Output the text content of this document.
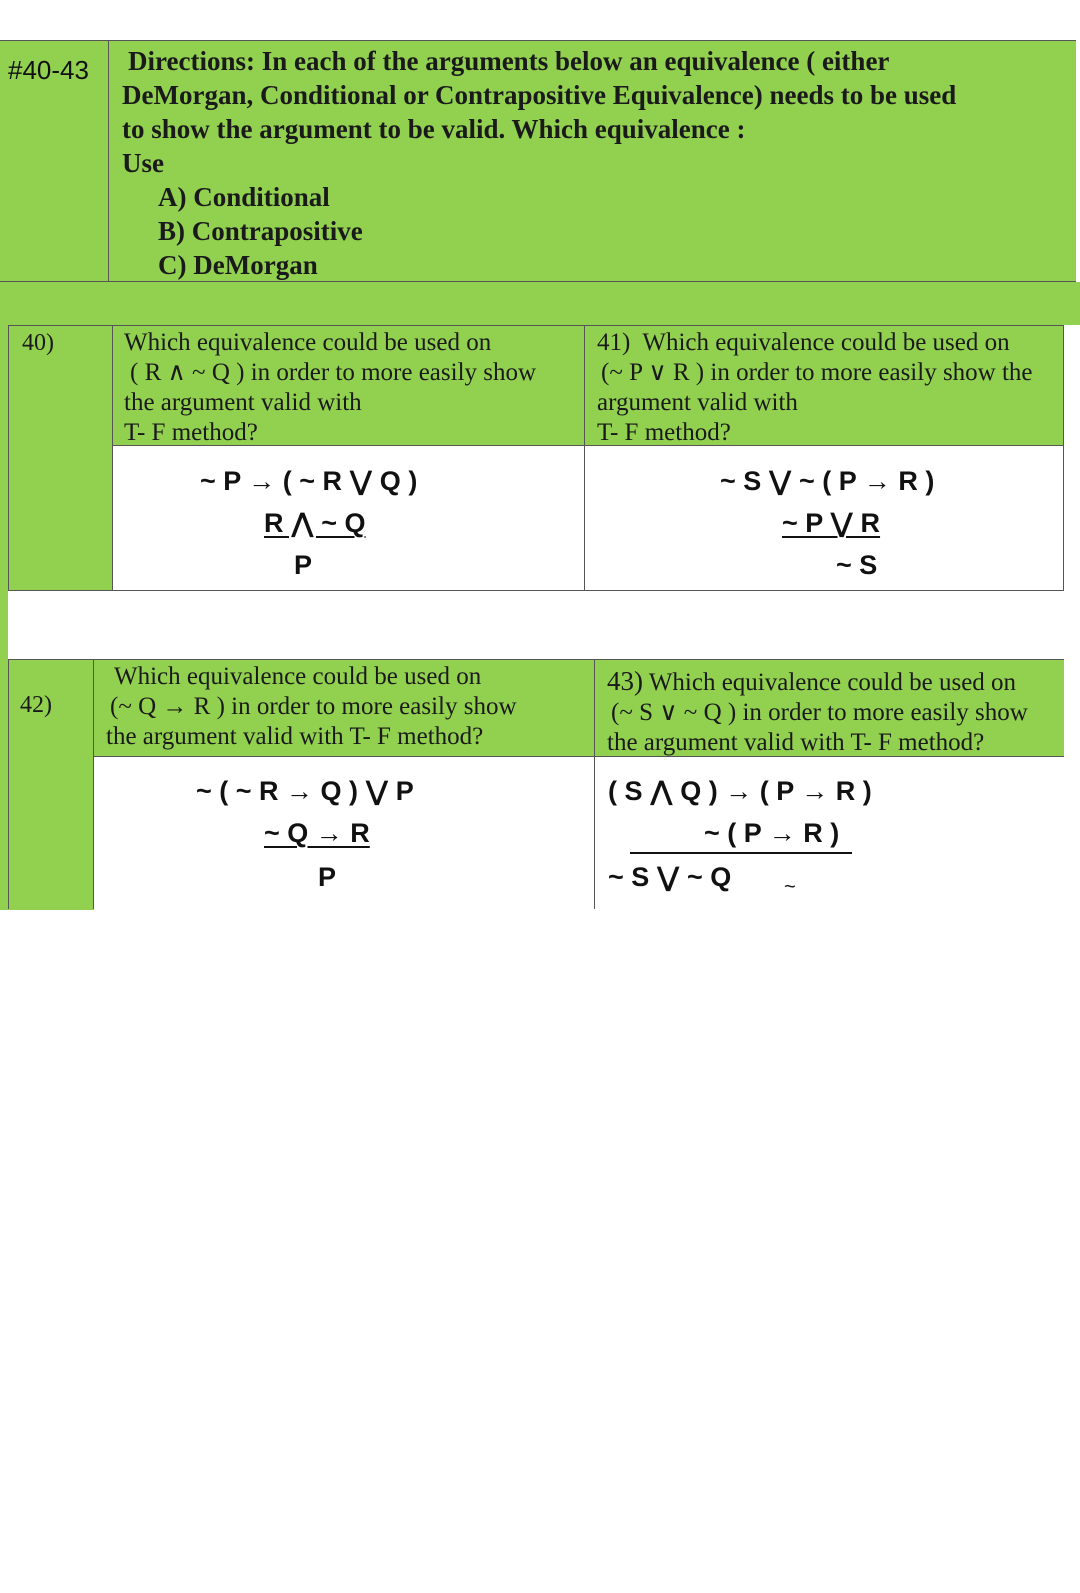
#40-43 Directions: In each of the arguments below an equivalence ( either
DeMorgan, Conditional or Contrapositive Equivalence) needs to be used
to show the argument to be valid. Which equivalence :
Use
A) Conditional
B) Contrapositive
C) DeMorgan
40)	Which equivalence could be used on
( R ∧ ~ Q ) in order to more easily show
the argument valid with
T- F method?
41) Which equivalence could be used on
(~ P ∨ R ) in order to more easily show the
argument valid with
T- F method?
~ P → ( ~ R ⋁ Q )
R ⋀ ~ Q
P
~ S ⋁ ~ ( P → R )
~ P ⋁ R
~ S
42)
Which equivalence could be used on
(~ Q → R ) in order to more easily show
the argument valid with T- F method?
43) Which equivalence could be used on
(~ S ∨ ~ Q ) in order to more easily show
the argument valid with T- F method?
~ ( ~ R → Q ) ⋁ P
~ Q → R
P
( S ⋀ Q ) → ( P → R )
~ ( P → R )
~ S ⋁ ~ Q	~
